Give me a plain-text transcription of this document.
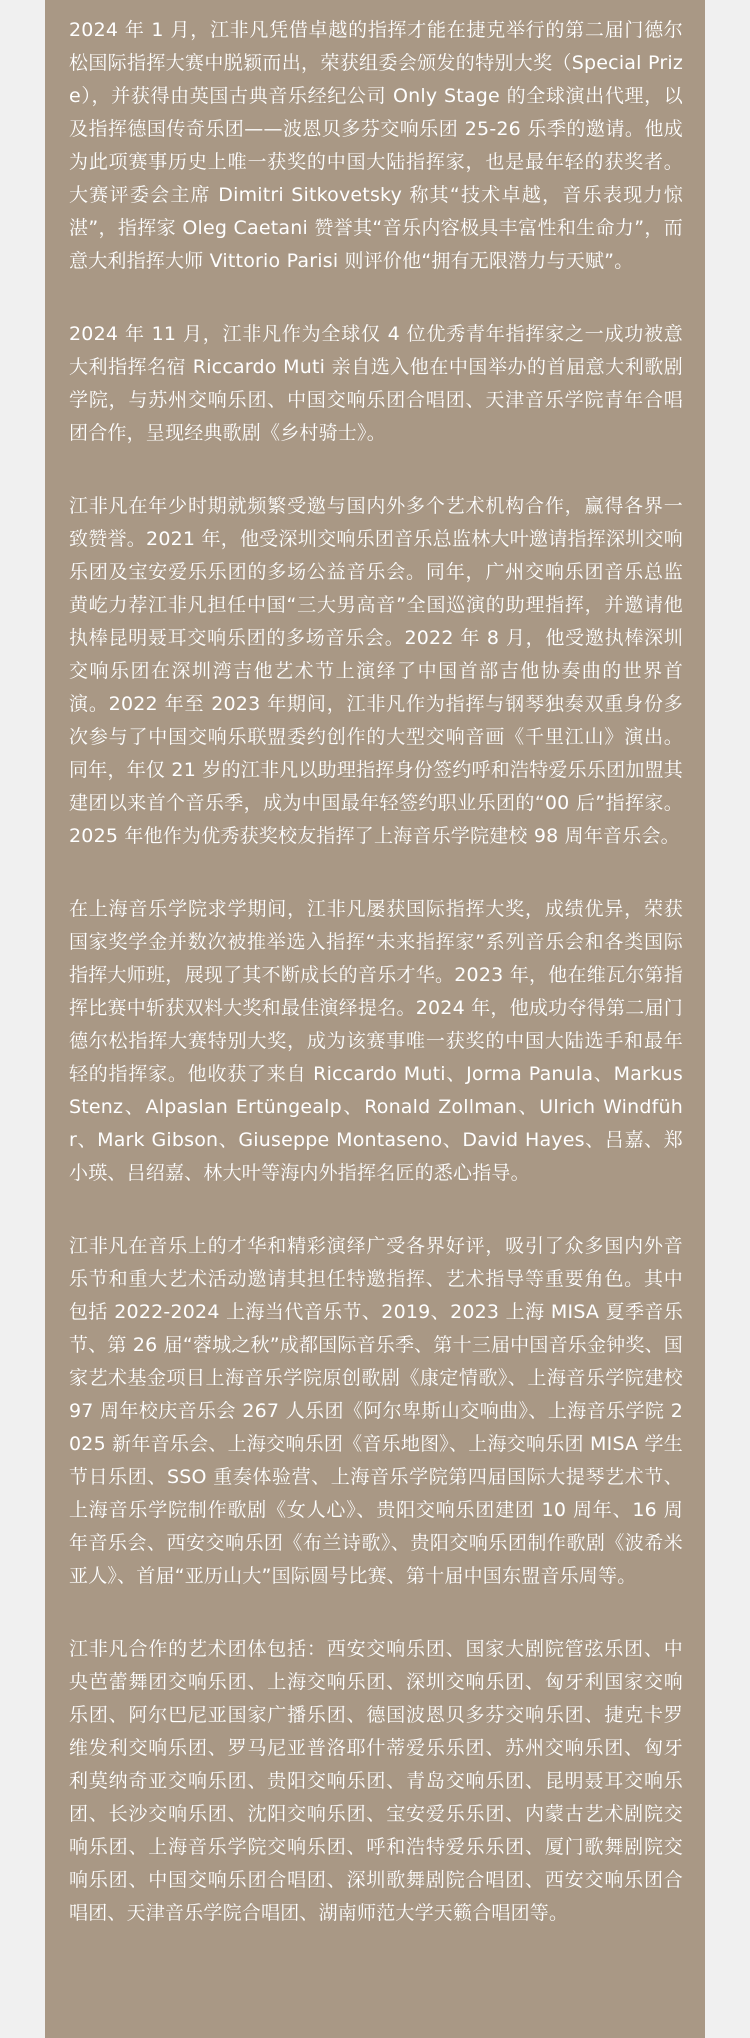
2024 年 1 月，江非凡凭借卓越的指挥才能在捷克举行的第二届门德尔松国际指挥大赛中脱颖而出，荣获组委会颁发的特别大奖（Special Prize），并获得由英国古典音乐经纪公司 Only Stage 的全球演出代理，以及指挥德国传奇乐团——波恩贝多芬交响乐团 25-26 乐季的邀请。他成为此项赛事历史上唯一获奖的中国大陆指挥家，也是最年轻的获奖者。大赛评委会主席 Dimitri Sitkovetsky 称其“技术卓越，音乐表现力惊湛”，指挥家 Oleg Caetani 赞誉其“音乐内容极具丰富性和生命力”，而意大利指挥大师 Vittorio Parisi 则评价他“拥有无限潜力与天赋”。

2024 年 11 月，江非凡作为全球仅 4 位优秀青年指挥家之一成功被意大利指挥名宿 Riccardo Muti 亲自选入他在中国举办的首届意大利歌剧学院，与苏州交响乐团、中国交响乐团合唱团、天津音乐学院青年合唱团合作，呈现经典歌剧《乡村骑士》。

江非凡在年少时期就频繁受邀与国内外多个艺术机构合作，赢得各界一致赞誉。2021 年，他受深圳交响乐团音乐总监林大叶邀请指挥深圳交响乐团及宝安爱乐乐团的多场公益音乐会。同年，广州交响乐团音乐总监黄屹力荐江非凡担任中国“三大男高音”全国巡演的助理指挥，并邀请他执棒昆明聂耳交响乐团的多场音乐会。2022 年 8 月，他受邀执棒深圳交响乐团在深圳湾吉他艺术节上演绎了中国首部吉他协奏曲的世界首演。2022 年至 2023 年期间，江非凡作为指挥与钢琴独奏双重身份多次参与了中国交响乐联盟委约创作的大型交响音画《千里江山》演出。同年，年仅 21 岁的江非凡以助理指挥身份签约呼和浩特爱乐乐团加盟其建团以来首个音乐季，成为中国最年轻签约职业乐团的“00 后”指挥家。2025 年他作为优秀获奖校友指挥了上海音乐学院建校 98 周年音乐会。

在上海音乐学院求学期间，江非凡屡获国际指挥大奖，成绩优异，荣获国家奖学金并数次被推举选入指挥“未来指挥家”系列音乐会和各类国际指挥大师班，展现了其不断成长的音乐才华。2023 年，他在维瓦尔第指挥比赛中斩获双料大奖和最佳演绎提名。2024 年，他成功夺得第二届门德尔松指挥大赛特别大奖，成为该赛事唯一获奖的中国大陆选手和最年轻的指挥家。他收获了来自 Riccardo Muti、Jorma Panula、Markus Stenz、Alpaslan Ertüngealp、Ronald Zollman、Ulrich Windführ、Mark Gibson、Giuseppe Montaseno、David Hayes、吕嘉、郑小瑛、吕绍嘉、林大叶等海内外指挥名匠的悉心指导。

江非凡在音乐上的才华和精彩演绎广受各界好评，吸引了众多国内外音乐节和重大艺术活动邀请其担任特邀指挥、艺术指导等重要角色。其中包括 2022-2024 上海当代音乐节、2019、2023 上海 MISA 夏季音乐节、第 26 届“蓉城之秋”成都国际音乐季、第十三届中国音乐金钟奖、国家艺术基金项目上海音乐学院原创歌剧《康定情歌》、上海音乐学院建校 97 周年校庆音乐会 267 人乐团《阿尔卑斯山交响曲》、上海音乐学院 2025 新年音乐会、上海交响乐团《音乐地图》、上海交响乐团 MISA 学生节日乐团、SSO 重奏体验营、上海音乐学院第四届国际大提琴艺术节、上海音乐学院制作歌剧《女人心》、贵阳交响乐团建团 10 周年、16 周年音乐会、西安交响乐团《布兰诗歌》、贵阳交响乐团制作歌剧《波希米亚人》、首届“亚历山大”国际圆号比赛、第十届中国东盟音乐周等。

江非凡合作的艺术团体包括：西安交响乐团、国家大剧院管弦乐团、中央芭蕾舞团交响乐团、上海交响乐团、深圳交响乐团、匈牙利国家交响乐团、阿尔巴尼亚国家广播乐团、德国波恩贝多芬交响乐团、捷克卡罗维发利交响乐团、罗马尼亚普洛耶什蒂爱乐乐团、苏州交响乐团、匈牙利莫纳奇亚交响乐团、贵阳交响乐团、青岛交响乐团、昆明聂耳交响乐团、长沙交响乐团、沈阳交响乐团、宝安爱乐乐团、内蒙古艺术剧院交响乐团、上海音乐学院交响乐团、呼和浩特爱乐乐团、厦门歌舞剧院交响乐团、中国交响乐团合唱团、深圳歌舞剧院合唱团、西安交响乐团合唱团、天津音乐学院合唱团、湖南师范大学天籁合唱团等。
